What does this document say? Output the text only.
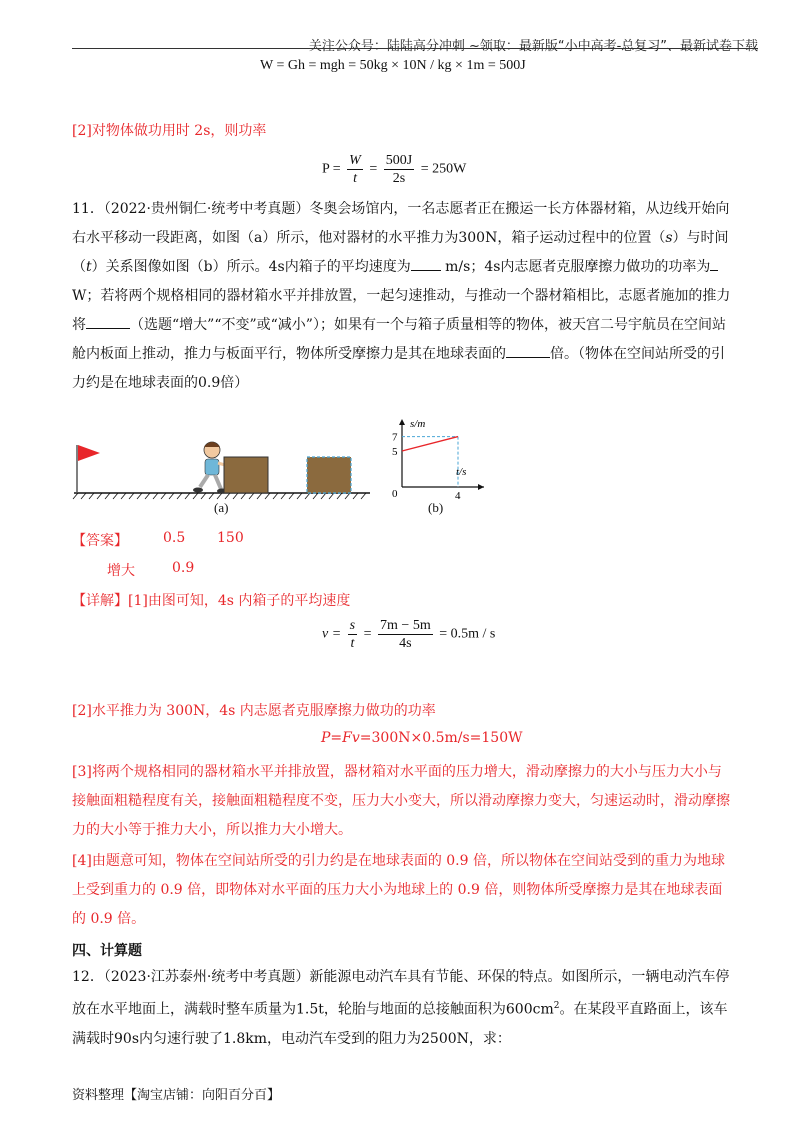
关注公众号：陆陆高分冲刺 ~领取：最新版“小中高考-总复习”、最新试卷下载
W = Gh = mgh = 50kg × 10N / kg × 1m = 500J
[2]对物体做功用时 2s，则功率
$P = \frac{W}{t} = \frac{500J}{2s} = 250W$
11．（2022·贵州铜仁·统考中考真题）冬奥会场馆内，一名志愿者正在搬运一长方体器材箱，从边线开始向右水平移动一段距离，如图（a）所示，他对器材的水平推力为300N，箱子运动过程中的位置（s）与时间（t）关系图像如图（b）所示。4s内箱子的平均速度为 m/s；4s内志愿者克服摩擦力做功的功率为W；若将两个规格相同的器材箱水平并排放置，一起匀速推动，与推动一个器材箱相比，志愿者施加的推力将	（选题“增大”“不变”或“减小”）；如果有一个与箱子质量相等的物体，被天宫二号宇航员在空间站舱内板面上推动，推力与板面平行，物体所受摩擦力是其在地球表面的	倍。（物体在空间站所受的引力约是在地球表面的0.9倍）
(a)
s/m
t/s
0	4
5
7
(b)
【答案】	0.5 150
增大	0.9
【详解】[1]由图可知，4s 内箱子的平均速度
$v = \frac{s}{t} = \frac{7m - 5m}{4s} = 0.5m / s$
[2]水平推力为 300N，4s 内志愿者克服摩擦力做功的功率
P=Fv=300N×0.5m/s=150W
[3]将两个规格相同的器材箱水平并排放置，器材箱对水平面的压力增大，滑动摩擦力的大小与压力大小与接触面粗糙程度有关，接触面粗糙程度不变，压力大小变大，所以滑动摩擦力变大，匀速运动时，滑动摩擦力的大小等于推力大小，所以推力大小增大。
[4]由题意可知，物体在空间站所受的引力约是在地球表面的 0.9 倍，所以物体在空间站受到的重力为地球上受到重力的 0.9 倍，即物体对水平面的压力大小为地球上的 0.9 倍，则物体所受摩擦力是其在地球表面的 0.9 倍。
四、计算题
12．（2023·江苏泰州·统考中考真题）新能源电动汽车具有节能、环保的特点。如图所示，一辆电动汽车停放在水平地面上，满载时整车质量为1.5t，轮胎与地面的总接触面积为$600cm^2$。在某段平直路面上，该车满载时90s内匀速行驶了1.8km，电动汽车受到的阻力为2500N，求：
资料整理【淘宝店铺：向阳百分百】
